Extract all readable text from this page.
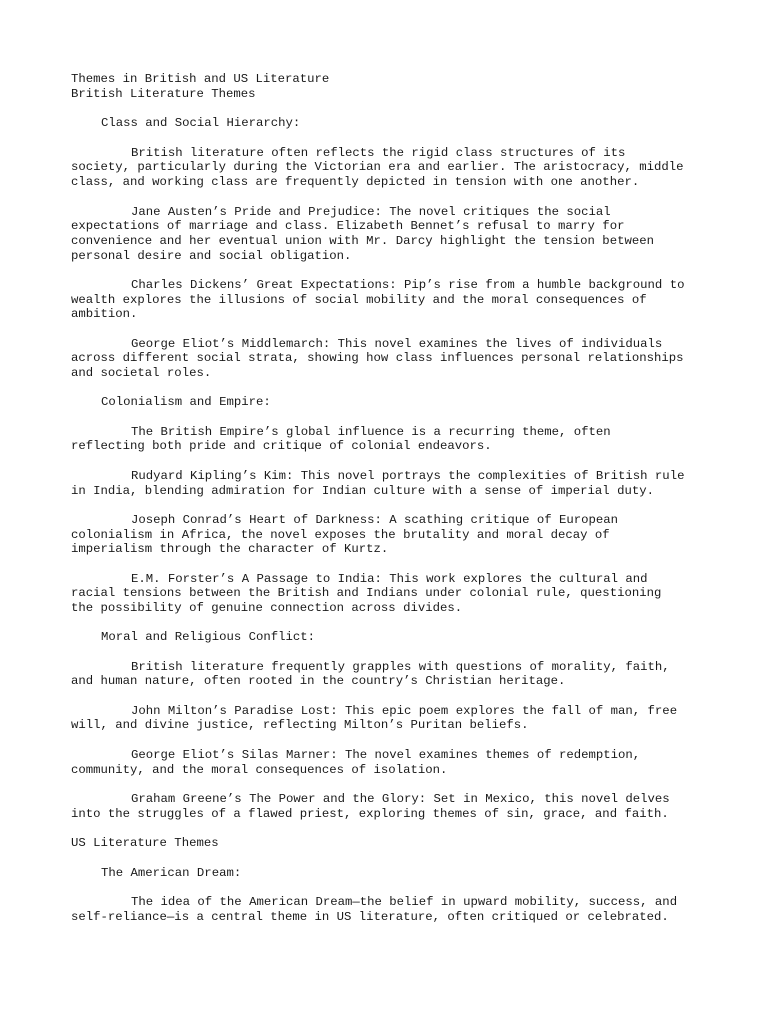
Themes in British and US Literature

British Literature Themes

Class and Social Hierarchy:

British literature often reflects the rigid class structures of its

society, particularly during the Victorian era and earlier. The aristocracy, middle

class, and working class are frequently depicted in tension with one another.

Jane Austen’s Pride and Prejudice: The novel critiques the social

expectations of marriage and class. Elizabeth Bennet’s refusal to marry for

convenience and her eventual union with Mr. Darcy highlight the tension between

personal desire and social obligation.

Charles Dickens’ Great Expectations: Pip’s rise from a humble background to

wealth explores the illusions of social mobility and the moral consequences of

ambition.

George Eliot’s Middlemarch: This novel examines the lives of individuals

across different social strata, showing how class influences personal relationships

and societal roles.

Colonialism and Empire:

The British Empire’s global influence is a recurring theme, often

reflecting both pride and critique of colonial endeavors.

Rudyard Kipling’s Kim: This novel portrays the complexities of British rule

in India, blending admiration for Indian culture with a sense of imperial duty.

Joseph Conrad’s Heart of Darkness: A scathing critique of European

colonialism in Africa, the novel exposes the brutality and moral decay of

imperialism through the character of Kurtz.

E.M. Forster’s A Passage to India: This work explores the cultural and

racial tensions between the British and Indians under colonial rule, questioning

the possibility of genuine connection across divides.

Moral and Religious Conflict:

British literature frequently grapples with questions of morality, faith,

and human nature, often rooted in the country’s Christian heritage.

John Milton’s Paradise Lost: This epic poem explores the fall of man, free

will, and divine justice, reflecting Milton’s Puritan beliefs.

George Eliot’s Silas Marner: The novel examines themes of redemption,

community, and the moral consequences of isolation.

Graham Greene’s The Power and the Glory: Set in Mexico, this novel delves

into the struggles of a flawed priest, exploring themes of sin, grace, and faith.

US Literature Themes

The American Dream:

The idea of the American Dream—the belief in upward mobility, success, and

self-reliance—is a central theme in US literature, often critiqued or celebrated.
